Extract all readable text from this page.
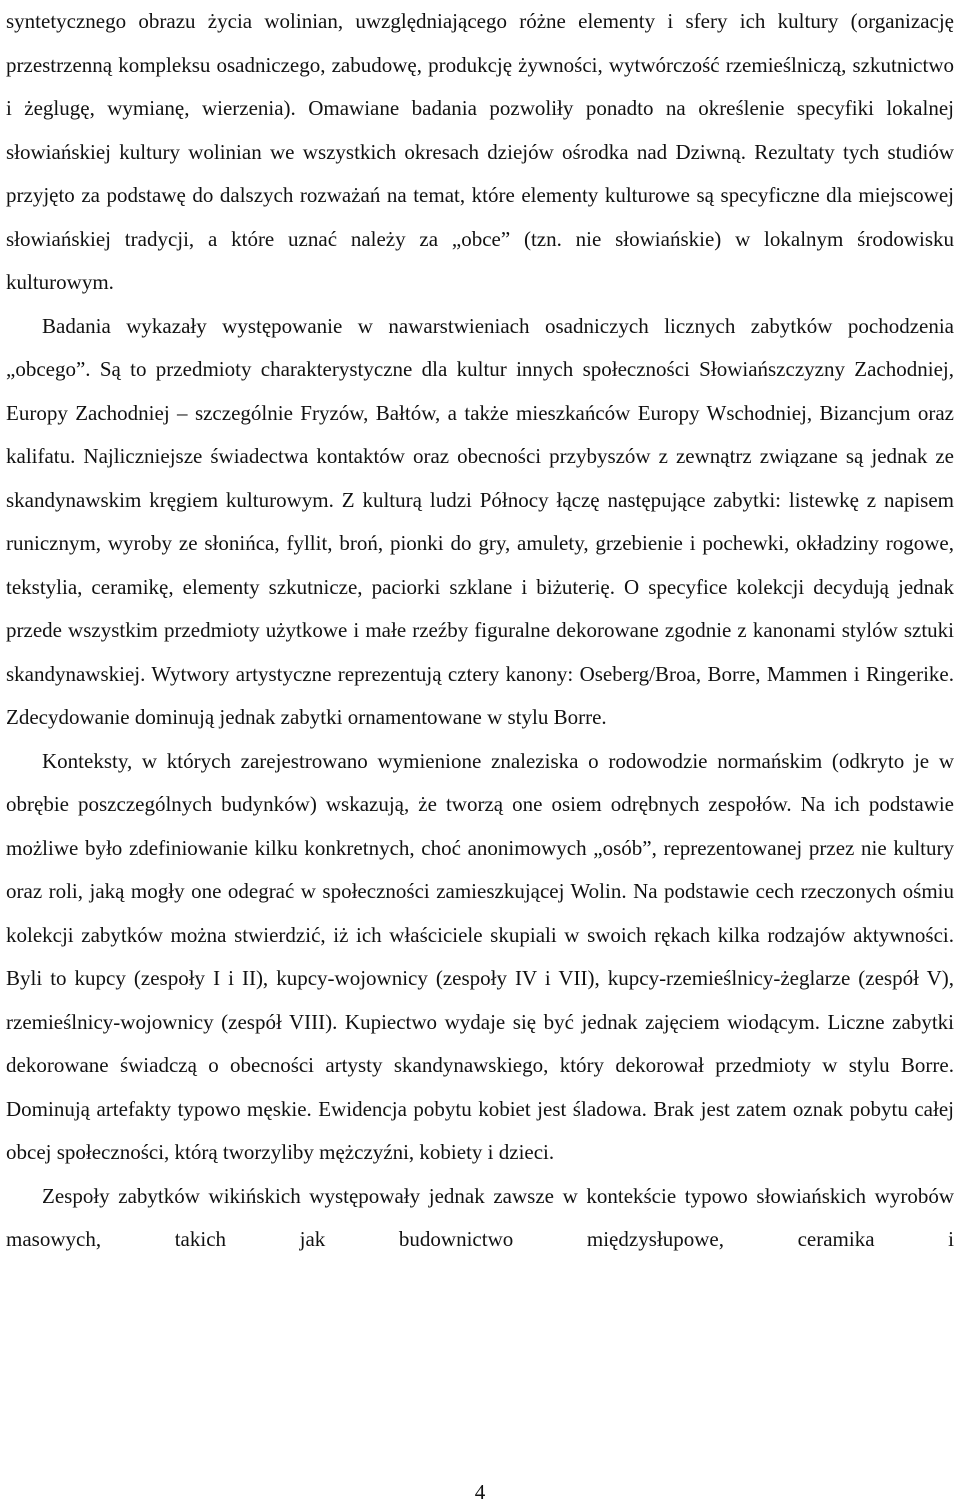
syntetycznego obrazu życia wolinian, uwzględniającego różne elementy i sfery ich kultury (organizację przestrzenną kompleksu osadniczego, zabudowę, produkcję żywności, wytwórczość rzemieślniczą, szkutnictwo i żeglugę, wymianę, wierzenia). Omawiane badania pozwoliły ponadto na określenie specyfiki lokalnej słowiańskiej kultury wolinian we wszystkich okresach dziejów ośrodka nad Dziwną. Rezultaty tych studiów przyjęto za podstawę do dalszych rozważań na temat, które elementy kulturowe są specyficzne dla miejscowej słowiańskiej tradycji, a które uznać należy za „obce” (tzn. nie słowiańskie) w lokalnym środowisku kulturowym.

Badania wykazały występowanie w nawarstwieniach osadniczych licznych zabytków pochodzenia „obcego”. Są to przedmioty charakterystyczne dla kultur innych społeczności Słowiańszczyzny Zachodniej, Europy Zachodniej – szczególnie Fryzów, Bałtów, a także mieszkańców Europy Wschodniej, Bizancjum oraz kalifatu. Najliczniejsze świadectwa kontaktów oraz obecności przybyszów z zewnątrz związane są jednak ze skandynawskim kręgiem kulturowym. Z kulturą ludzi Północy łączę następujące zabytki: listewkę z napisem runicznym, wyroby ze słonińca, fyllit, broń, pionki do gry, amulety, grzebienie i pochewki, okładziny rogowe, tekstylia, ceramikę, elementy szkutnicze, paciorki szklane i biżuterię. O specyfice kolekcji decydują jednak przede wszystkim przedmioty użytkowe i małe rzeźby figuralne dekorowane zgodnie z kanonami stylów sztuki skandynawskiej. Wytwory artystyczne reprezentują cztery kanony: Oseberg/Broa, Borre, Mammen i Ringerike. Zdecydowanie dominują jednak zabytki ornamentowane w stylu Borre.

Konteksty, w których zarejestrowano wymienione znaleziska o rodowodzie normańskim (odkryto je w obrębie poszczególnych budynków) wskazują, że tworzą one osiem odrębnych zespołów. Na ich podstawie możliwe było zdefiniowanie kilku konkretnych, choć anonimowych „osób”, reprezentowanej przez nie kultury oraz roli, jaką mogły one odegrać w społeczności zamieszkującej Wolin. Na podstawie cech rzeczonych ośmiu kolekcji zabytków można stwierdzić, iż ich właściciele skupiali w swoich rękach kilka rodzajów aktywności. Byli to kupcy (zespoły I i II), kupcy-wojownicy (zespoły IV i VII), kupcy-rzemieślnicy-żeglarze (zespół V), rzemieślnicy-wojownicy (zespół VIII). Kupiectwo wydaje się być jednak zajęciem wiodącym. Liczne zabytki dekorowane świadczą o obecności artysty skandynawskiego, który dekorował przedmioty w stylu Borre. Dominują artefakty typowo męskie. Ewidencja pobytu kobiet jest śladowa. Brak jest zatem oznak pobytu całej obcej społeczności, którą tworzyliby mężczyźni, kobiety i dzieci.

Zespoły zabytków wikińskich występowały jednak zawsze w kontekście typowo słowiańskich wyrobów masowych, takich jak budownictwo międzysłupowe, ceramika i

4
